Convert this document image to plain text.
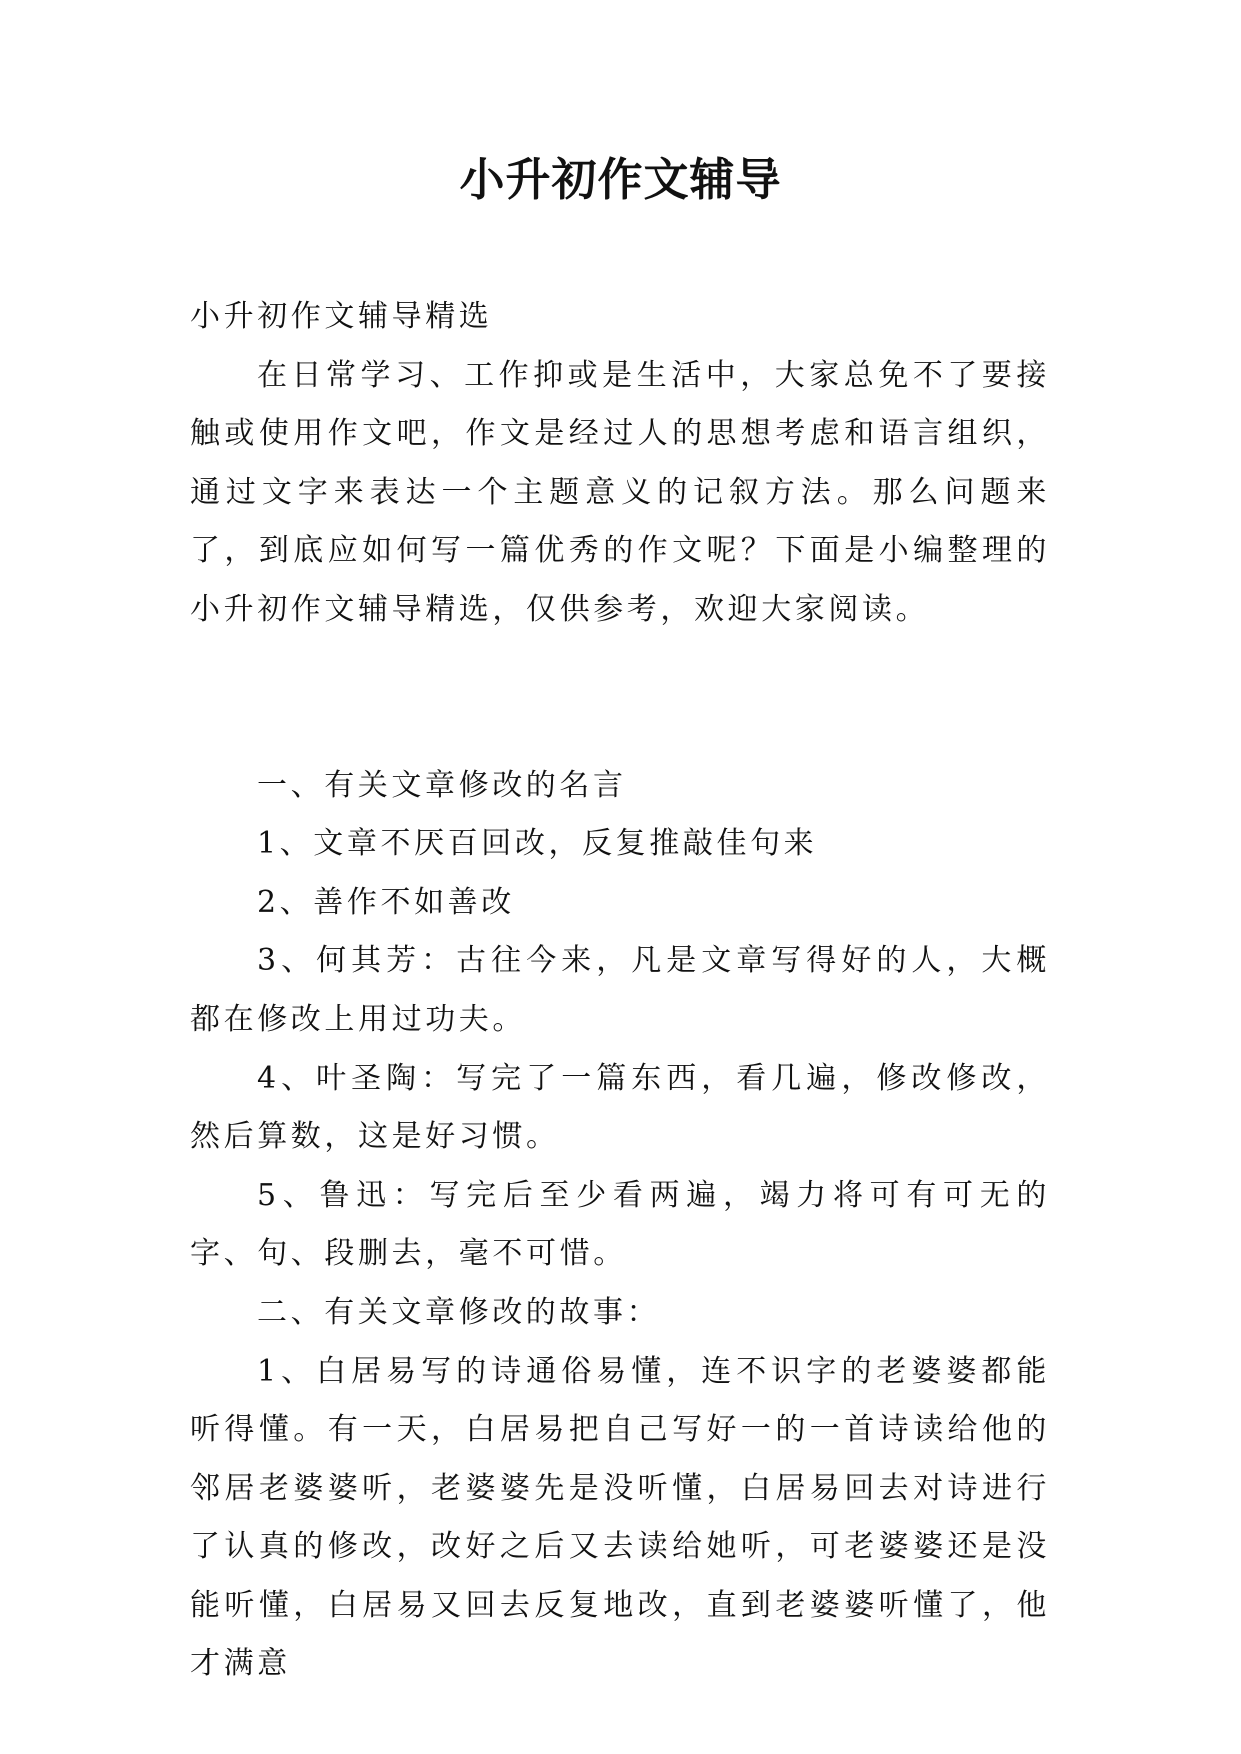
小升初作文辅导

小升初作文辅导精选

在日常学习、工作抑或是生活中，大家总免不了要接触或使用作文吧，作文是经过人的思想考虑和语言组织，通过文字来表达一个主题意义的记叙方法。那么问题来了，到底应如何写一篇优秀的作文呢？下面是小编整理的小升初作文辅导精选，仅供参考，欢迎大家阅读。

一、有关文章修改的名言

1、文章不厌百回改，反复推敲佳句来

2、善作不如善改

3、何其芳：古往今来，凡是文章写得好的人，大概都在修改上用过功夫。

4、叶圣陶：写完了一篇东西，看几遍，修改修改，然后算数，这是好习惯。

5、鲁迅：写完后至少看两遍，竭力将可有可无的字、句、段删去，毫不可惜。

二、有关文章修改的故事：

1、白居易写的诗通俗易懂，连不识字的老婆婆都能听得懂。有一天，白居易把自己写好一的一首诗读给他的邻居老婆婆听，老婆婆先是没听懂，白居易回去对诗进行了认真的修改，改好之后又去读给她听，可老婆婆还是没能听懂，白居易又回去反复地改，直到老婆婆听懂了，他才满意
